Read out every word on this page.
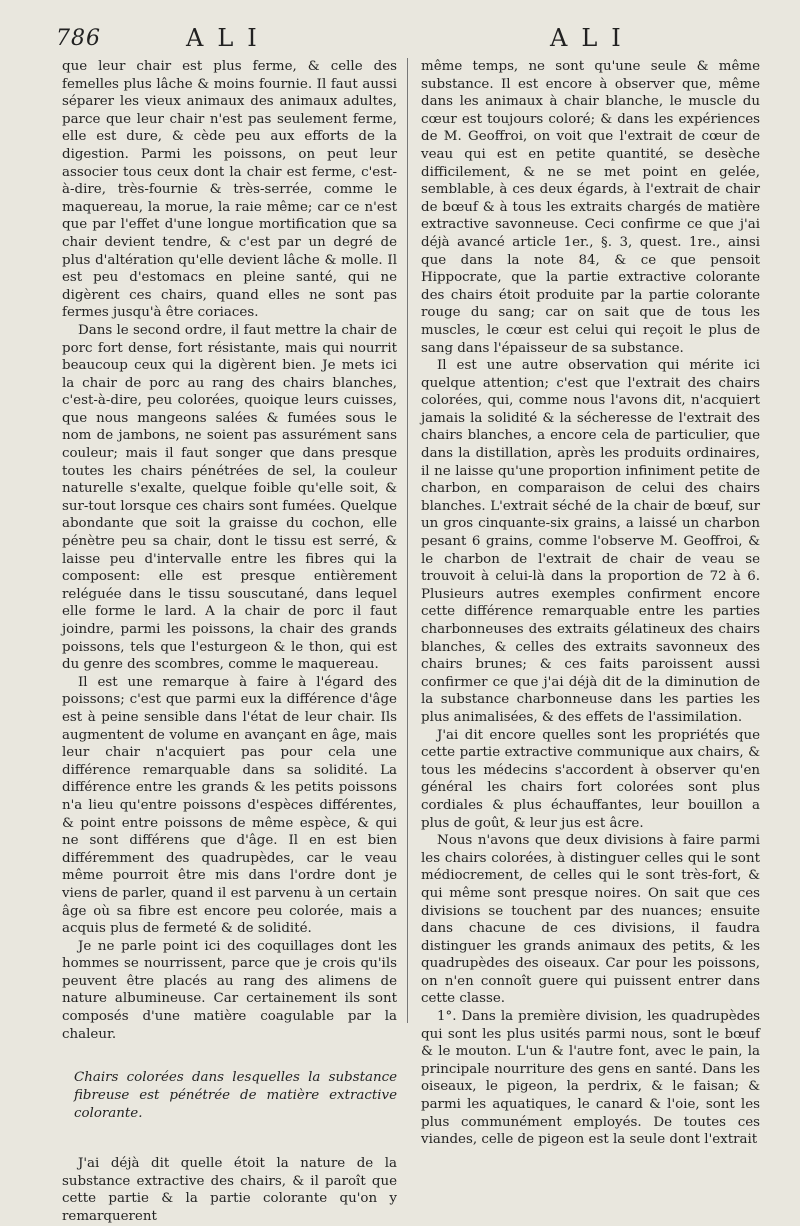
786	ALI	ALI

que leur chair est plus ferme, & celle des femelles plus lâche & moins fournie. Il faut aussi séparer les vieux animaux des animaux adultes, parce que leur chair n'est pas seulement ferme, elle est dure, & cède peu aux efforts de la digestion. Parmi les poissons, on peut leur associer tous ceux dont la chair est ferme, c'est-à-dire, très-fournie & très-serrée, comme le maquereau, la morue, la raie même; car ce n'est que par l'effet d'une longue mortification que sa chair devient tendre, & c'est par un degré de plus d'altération qu'elle devient lâche & molle. Il est peu d'estomacs en pleine santé, qui ne digèrent ces chairs, quand elles ne sont pas fermes jusqu'à être coriaces.

Dans le second ordre, il faut mettre la chair de porc fort dense, fort résistante, mais qui nourrit beaucoup ceux qui la digèrent bien. Je mets ici la chair de porc au rang des chairs blanches, c'est-à-dire, peu colorées, quoique leurs cuisses, que nous mangeons salées & fumées sous le nom de jambons, ne soient pas assurément sans couleur; mais il faut songer que dans presque toutes les chairs pénétrées de sel, la couleur naturelle s'exalte, quelque foible qu'elle soit, & sur-tout lorsque ces chairs sont fumées. Quelque abondante que soit la graisse du cochon, elle pénètre peu sa chair, dont le tissu est serré, & laisse peu d'intervalle entre les fibres qui la composent: elle est presque entièrement reléguée dans le tissu souscutané, dans lequel elle forme le lard. A la chair de porc il faut joindre, parmi les poissons, la chair des grands poissons, tels que l'esturgeon & le thon, qui est du genre des scombres, comme le maquereau.

Il est une remarque à faire à l'égard des poissons; c'est que parmi eux la différence d'âge est à peine sensible dans l'état de leur chair. Ils augmentent de volume en avançant en âge, mais leur chair n'acquiert pas pour cela une différence remarquable dans sa solidité. La différence entre les grands & les petits poissons n'a lieu qu'entre poissons d'espèces différentes, & point entre poissons de même espèce, & qui ne sont différens que d'âge. Il en est bien différemment des quadrupèdes, car le veau même pourroit être mis dans l'ordre dont je viens de parler, quand il est parvenu à un certain âge où sa fibre est encore peu colorée, mais a acquis plus de fermeté & de solidité.

Je ne parle point ici des coquillages dont les hommes se nourrissent, parce que je crois qu'ils peuvent être placés au rang des alimens de nature albumineuse. Car certainement ils sont composés d'une matière coagulable par la chaleur.

Chairs colorées dans lesquelles la substance fibreuse est pénétrée de matière extractive colorante.

J'ai déjà dit quelle étoit la nature de la substance extractive des chairs, & il paroît que cette partie & la partie colorante qu'on y remarquerent

même temps, ne sont qu'une seule & même substance. Il est encore à observer que, même dans les animaux à chair blanche, le muscle du cœur est toujours coloré; & dans les expériences de M. Geoffroi, on voit que l'extrait de cœur de veau qui est en petite quantité, se desèche difficilement, & ne se met point en gelée, semblable, à ces deux égards, à l'extrait de chair de bœuf & à tous les extraits chargés de matière extractive savonneuse. Ceci confirme ce que j'ai déjà avancé article 1er., §. 3, quest. 1re., ainsi que dans la note 84, & ce que pensoit Hippocrate, que la partie extractive colorante des chairs étoit produite par la partie colorante rouge du sang; car on sait que de tous les muscles, le cœur est celui qui reçoit le plus de sang dans l'épaisseur de sa substance.

Il est une autre observation qui mérite ici quelque attention; c'est que l'extrait des chairs colorées, qui, comme nous l'avons dit, n'acquiert jamais la solidité & la sécheresse de l'extrait des chairs blanches, a encore cela de particulier, que dans la distillation, après les produits ordinaires, il ne laisse qu'une proportion infiniment petite de charbon, en comparaison de celui des chairs blanches. L'extrait séché de la chair de bœuf, sur un gros cinquante-six grains, a laissé un charbon pesant 6 grains, comme l'observe M. Geoffroi, & le charbon de l'extrait de chair de veau se trouvoit à celui-là dans la proportion de 72 à 6. Plusieurs autres exemples confirment encore cette différence remarquable entre les parties charbonneuses des extraits gélatineux des chairs blanches, & celles des extraits savonneux des chairs brunes; & ces faits paroissent aussi confirmer ce que j'ai déjà dit de la diminution de la substance charbonneuse dans les parties les plus animalisées, & des effets de l'assimilation.

J'ai dit encore quelles sont les propriétés que cette partie extractive communique aux chairs, & tous les médecins s'accordent à observer qu'en général les chairs fort colorées sont plus cordiales & plus échauffantes, leur bouillon a plus de goût, & leur jus est âcre.

Nous n'avons que deux divisions à faire parmi les chairs colorées, à distinguer celles qui le sont médiocrement, de celles qui le sont très-fort, & qui même sont presque noires. On sait que ces divisions se touchent par des nuances; ensuite dans chacune de ces divisions, il faudra distinguer les grands animaux des petits, & les quadrupèdes des oiseaux. Car pour les poissons, on n'en connoît guere qui puissent entrer dans cette classe.

1°. Dans la première division, les quadrupèdes qui sont les plus usités parmi nous, sont le bœuf & le mouton. L'un & l'autre font, avec le pain, la principale nourriture des gens en santé. Dans les oiseaux, le pigeon, la perdrix, & le faisan; & parmi les aquatiques, le canard & l'oie, sont les plus communément employés. De toutes ces viandes, celle de pigeon est la seule dont l'extrait
